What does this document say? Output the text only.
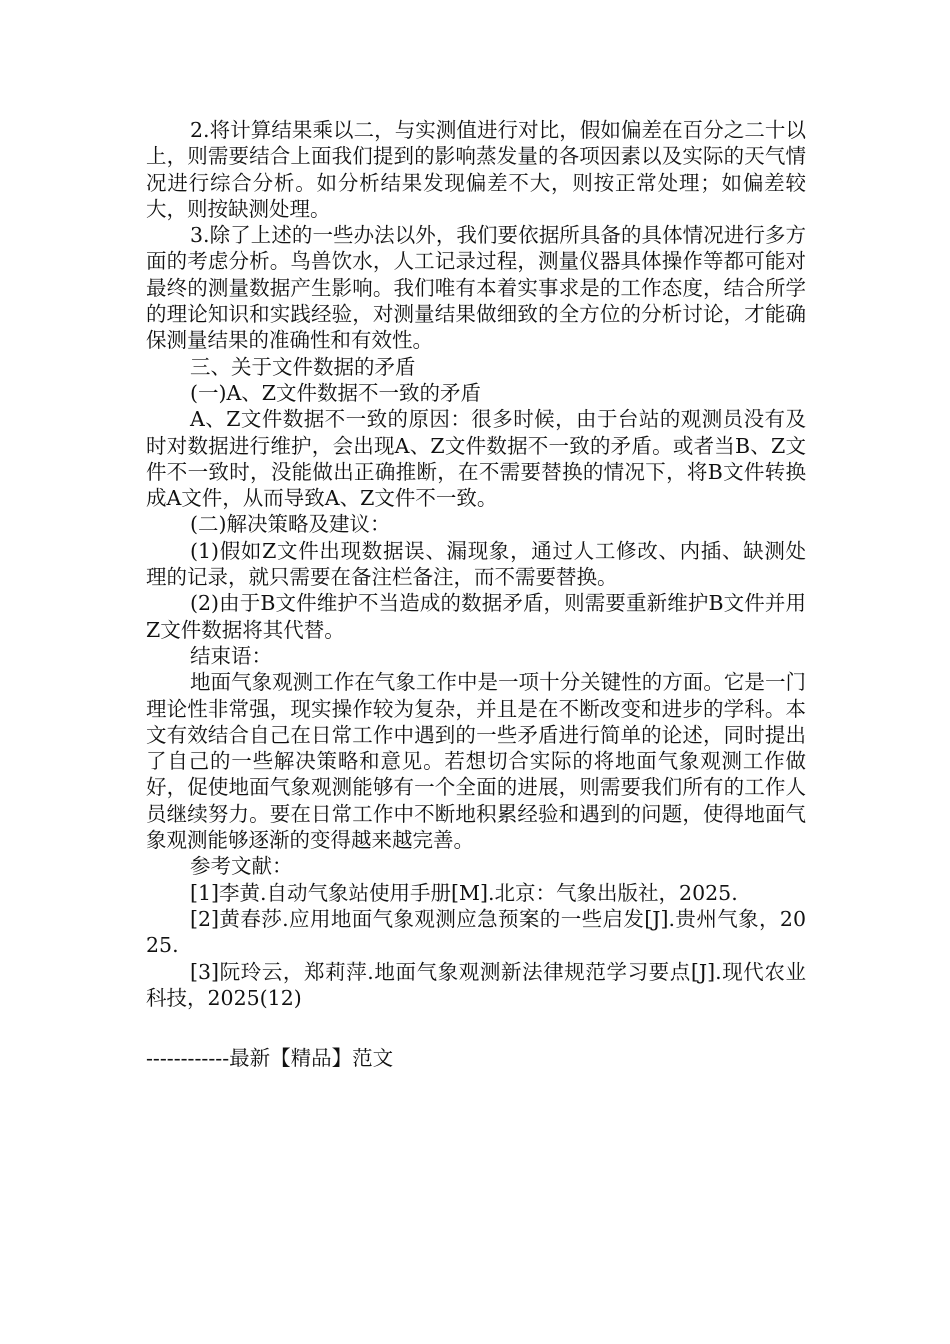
2.将计算结果乘以二，与实测值进行对比，假如偏差在百分之二十以上，则需要结合上面我们提到的影响蒸发量的各项因素以及实际的天气情况进行综合分析。如分析结果发现偏差不大，则按正常处理；如偏差较大，则按缺测处理。

3.除了上述的一些办法以外，我们要依据所具备的具体情况进行多方面的考虑分析。鸟兽饮水，人工记录过程，测量仪器具体操作等都可能对最终的测量数据产生影响。我们唯有本着实事求是的工作态度，结合所学的理论知识和实践经验，对测量结果做细致的全方位的分析讨论，才能确保测量结果的准确性和有效性。

三、关于文件数据的矛盾

(一)A、Z文件数据不一致的矛盾

A、Z文件数据不一致的原因：很多时候，由于台站的观测员没有及时对数据进行维护，会出现A、Z文件数据不一致的矛盾。或者当B、Z文件不一致时，没能做出正确推断，在不需要替换的情况下，将B文件转换成A文件，从而导致A、Z文件不一致。

(二)解决策略及建议：

(1)假如Z文件出现数据误、漏现象，通过人工修改、内插、缺测处理的记录，就只需要在备注栏备注，而不需要替换。

(2)由于B文件维护不当造成的数据矛盾，则需要重新维护B文件并用Z文件数据将其代替。

结束语：

地面气象观测工作在气象工作中是一项十分关键性的方面。它是一门理论性非常强，现实操作较为复杂，并且是在不断改变和进步的学科。本文有效结合自己在日常工作中遇到的一些矛盾进行简单的论述，同时提出了自己的一些解决策略和意见。若想切合实际的将地面气象观测工作做好，促使地面气象观测能够有一个全面的进展，则需要我们所有的工作人员继续努力。要在日常工作中不断地积累经验和遇到的问题，使得地面气象观测能够逐渐的变得越来越完善。

参考文献：

[1]李黄.自动气象站使用手册[M].北京：气象出版社，2025.

[2]黄春莎.应用地面气象观测应急预案的一些启发[J].贵州气象，2025.

[3]阮玲云，郑莉萍.地面气象观测新法律规范学习要点[J].现代农业科技，2025(12)

------------最新【精品】范文
